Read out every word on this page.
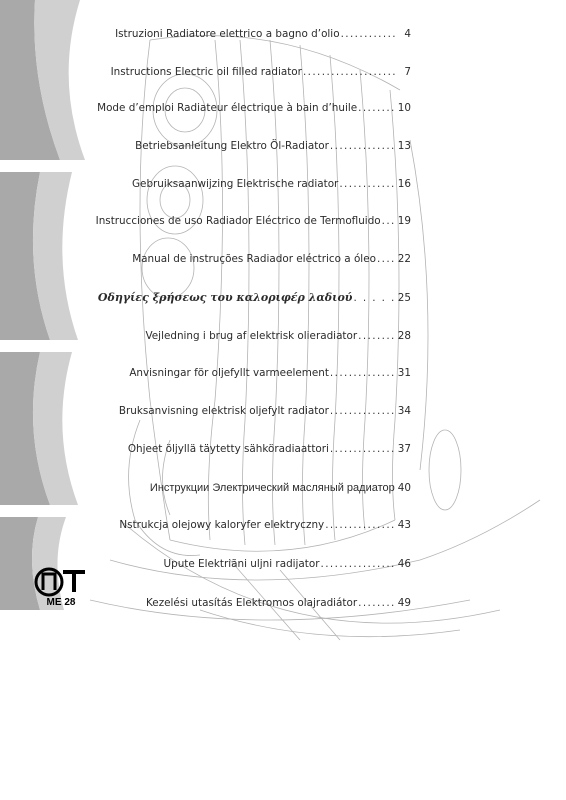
ME 28
Istruzioni Radiatore elettrico a bagno d’olio ............ 4
Instructions Electric oil filled radiator .................... 7
Mode d’emploi Radiateur électrique à bain d’huile ........ 10
Betriebsanleitung Elektro Öl-Radiator .............. 13
Gebruiksaanwijzing Elektrische radiator ............ 16
Instrucciones de uso Radiador Eléctrico de Termofluido ... 19
Manual de instruções Radiador eléctrico a óleo .... 22
Οδηγίες ξρήσεως του καλοριφέρ λαδιού . . . . . 25
Vejledning i brug af elektrisk olieradiator ........ 28
Anvisningar för oljefyllt varmeelement .............. 31
Bruksanvisning elektrisk oljefylt radiator .............. 34
Ohjeet öljyllä täytetty sähköradiaattori .............. 37
Инструкции Электрический масляный радиатор 40
Nstrukcja olejowy kaloryfer elektryczny ............... 43
Upute Elektriãni uljni radijator ................ 46
Kezelési utasítás Elektromos olajradiátor ........ 49
